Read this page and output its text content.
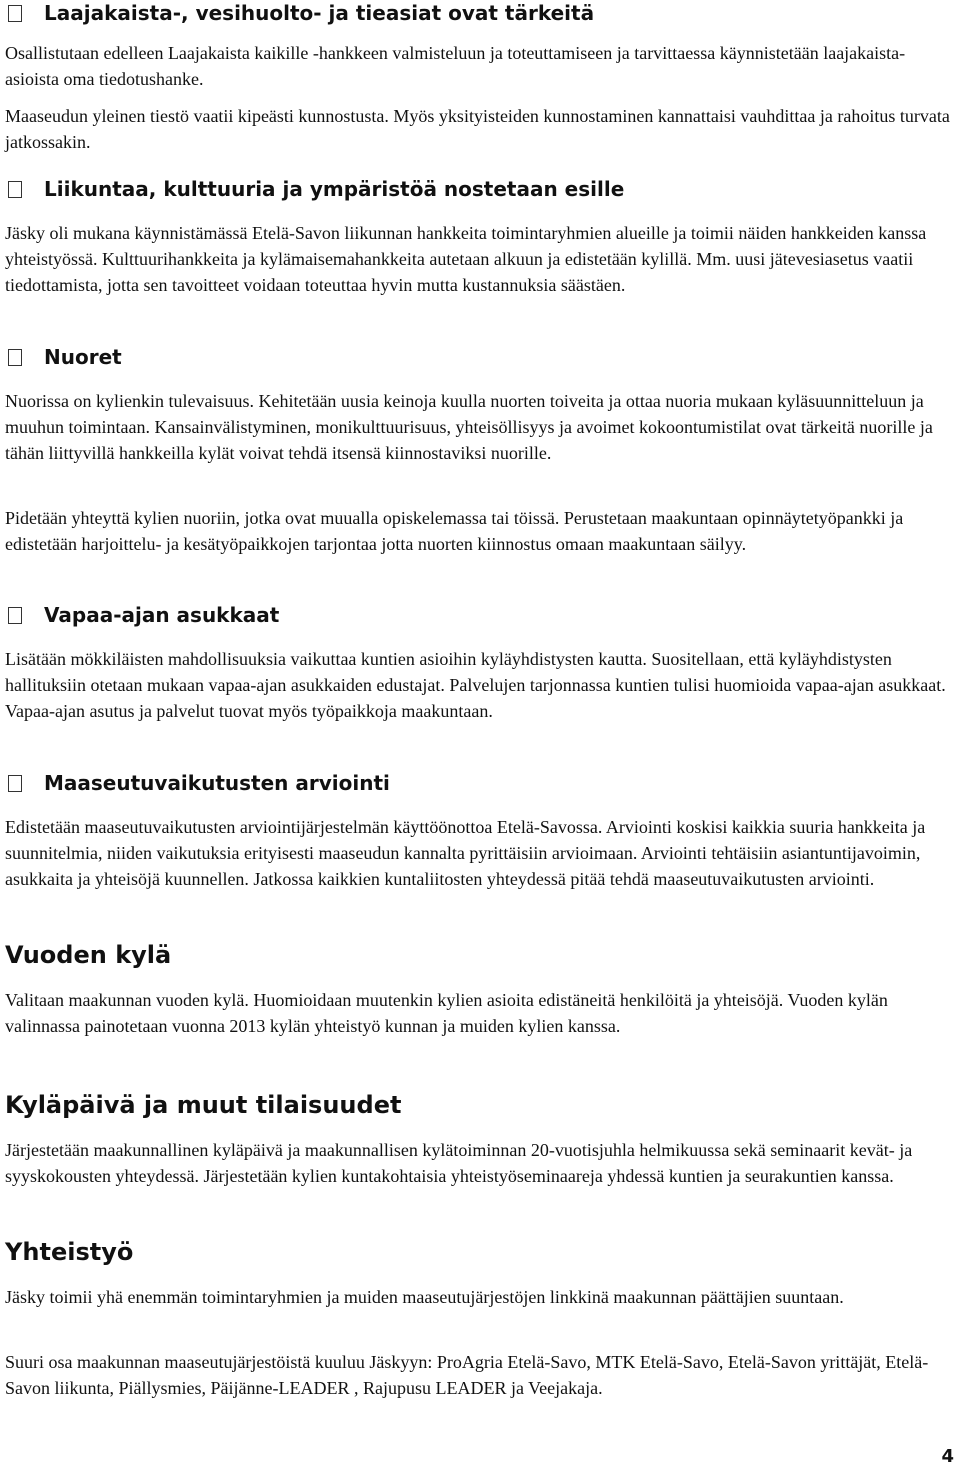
Laajakaista-, vesihuolto- ja tieasiat ovat tärkeitä

Osallistutaan edelleen Laajakaista kaikille -hankkeen valmisteluun ja toteuttamiseen ja tarvittaessa käynnistetään laajakaista-asioista oma tiedotushanke.

Maaseudun yleinen tiestö vaatii kipeästi kunnostusta. Myös yksityisteiden kunnostaminen kannattaisi vauhdittaa ja rahoitus turvata jatkossakin.

Liikuntaa, kulttuuria ja ympäristöä nostetaan esille

Jäsky oli mukana käynnistämässä Etelä-Savon liikunnan hankkeita toimintaryhmien alueille ja toimii näiden hankkeiden kanssa yhteistyössä. Kulttuurihankkeita ja kylämaisemahankkeita autetaan alkuun ja edistetään kylillä. Mm. uusi jätevesiasetus vaatii tiedottamista, jotta sen tavoitteet voidaan toteuttaa hyvin mutta kustannuksia säästäen.

Nuoret

Nuorissa on kylienkin tulevaisuus. Kehitetään uusia keinoja kuulla nuorten toiveita ja ottaa nuoria mukaan kyläsuunnitteluun ja muuhun toimintaan. Kansainvälistyminen, monikulttuurisuus, yhteisöllisyys ja avoimet kokoontumistilat ovat tärkeitä nuorille ja tähän liittyvillä hankkeilla kylät voivat tehdä itsensä kiinnostaviksi nuorille.

Pidetään yhteyttä kylien nuoriin, jotka ovat muualla opiskelemassa tai töissä. Perustetaan maakuntaan opinnäytetyöpankki ja edistetään harjoittelu- ja kesätyöpaikkojen tarjontaa jotta nuorten kiinnostus omaan maakuntaan säilyy.

Vapaa-ajan asukkaat

Lisätään mökkiläisten mahdollisuuksia vaikuttaa kuntien asioihin kyläyhdistysten kautta. Suositellaan, että kyläyhdistysten hallituksiin otetaan mukaan vapaa-ajan asukkaiden edustajat. Palvelujen tarjonnassa kuntien tulisi huomioida vapaa-ajan asukkaat. Vapaa-ajan asutus ja palvelut tuovat myös työpaikkoja maakuntaan.

Maaseutuvaikutusten arviointi

Edistetään maaseutuvaikutusten arviointijärjestelmän käyttöönottoa Etelä-Savossa. Arviointi koskisi kaikkia suuria hankkeita ja suunnitelmia, niiden vaikutuksia erityisesti maaseudun kannalta pyrittäisiin arvioimaan. Arviointi tehtäisiin asiantuntijavoimin, asukkaita ja yhteisöjä kuunnellen. Jatkossa kaikkien kuntaliitosten yhteydessä pitää tehdä maaseutuvaikutusten arviointi.

Vuoden kylä

Valitaan maakunnan vuoden kylä. Huomioidaan muutenkin kylien asioita edistäneitä henkilöitä ja yhteisöjä. Vuoden kylän valinnassa painotetaan vuonna 2013 kylän yhteistyö kunnan ja muiden kylien kanssa.

Kyläpäivä ja muut tilaisuudet

Järjestetään maakunnallinen kyläpäivä ja maakunnallisen kylätoiminnan 20-vuotisjuhla helmikuussa sekä seminaarit kevät- ja syyskokousten yhteydessä. Järjestetään kylien kuntakohtaisia yhteistyöseminaareja yhdessä kuntien ja seurakuntien kanssa.

Yhteistyö

Jäsky toimii yhä enemmän toimintaryhmien ja muiden maaseutujärjestöjen linkkinä maakunnan päättäjien suuntaan.

Suuri osa maakunnan maaseutujärjestöistä kuuluu Jäskyyn: ProAgria Etelä-Savo, MTK Etelä-Savo, Etelä-Savon yrittäjät, Etelä-Savon liikunta, Piällysmies, Päijänne-LEADER , Rajupusu LEADER ja Veejakaja.

4
